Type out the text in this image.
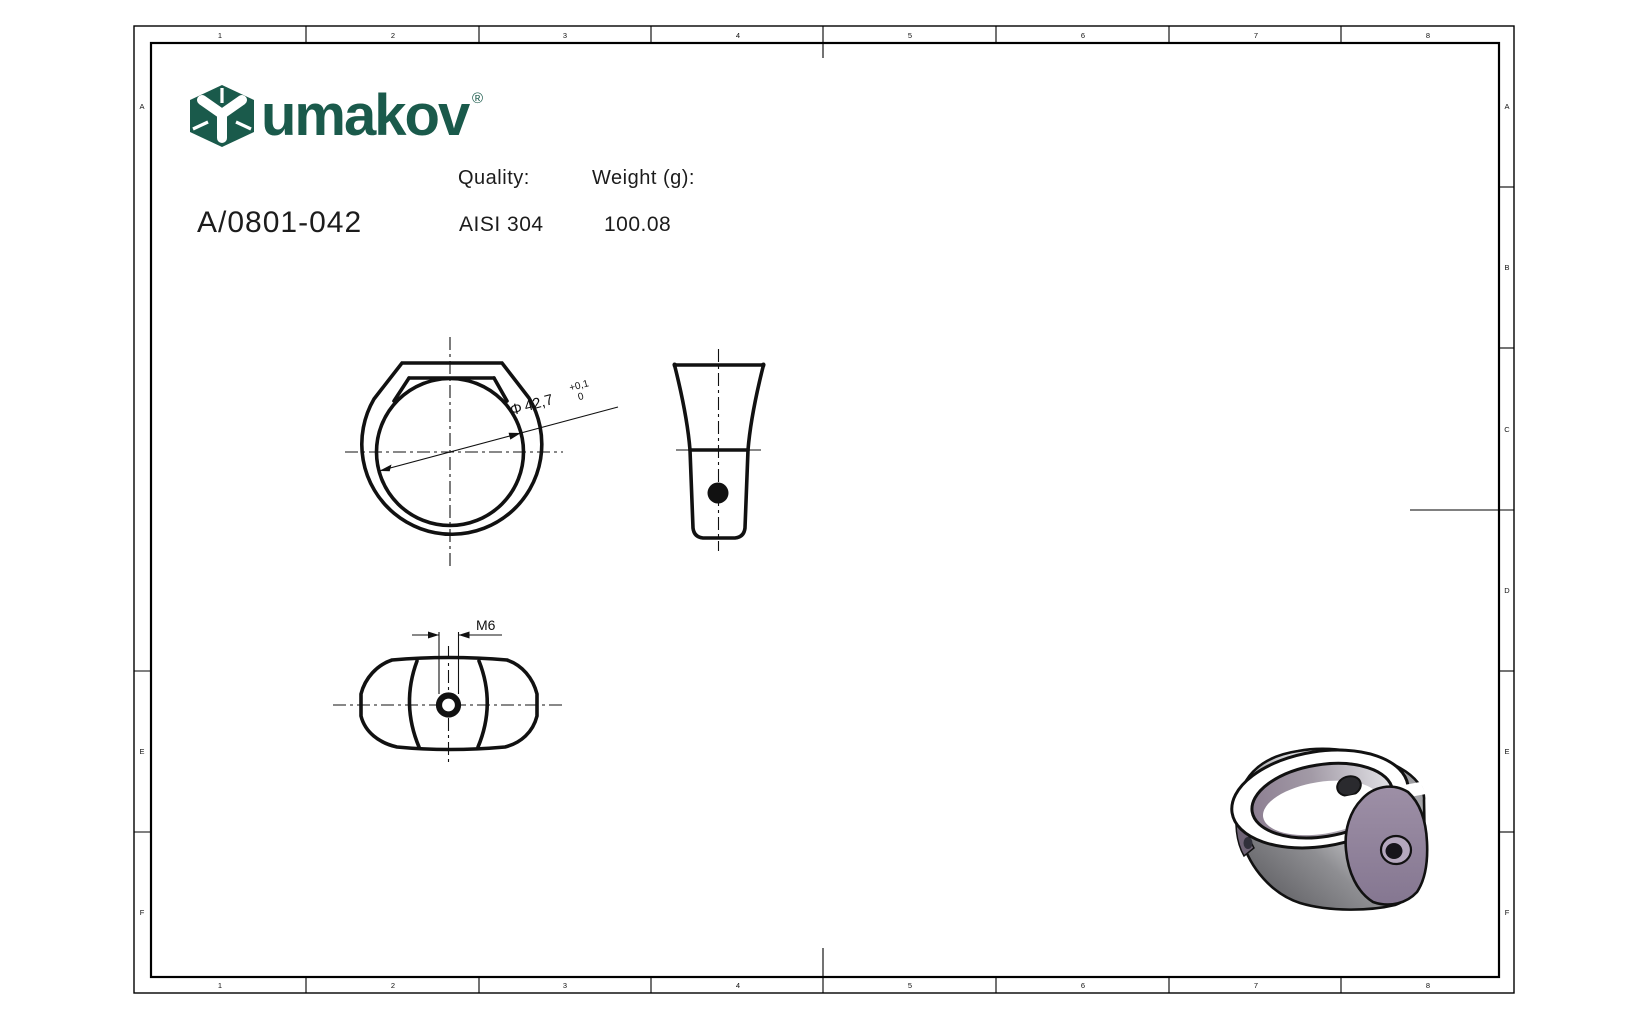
1	2	3	4	5	6	7	8
1	2	3	4	5	6	7	8
A
B
C
D
E
F
A
E
F
umakov ®
A/0801-042
Quality:	Weight (g):
AISI 304	100.08
Φ42,7
+0,1
0
M6
